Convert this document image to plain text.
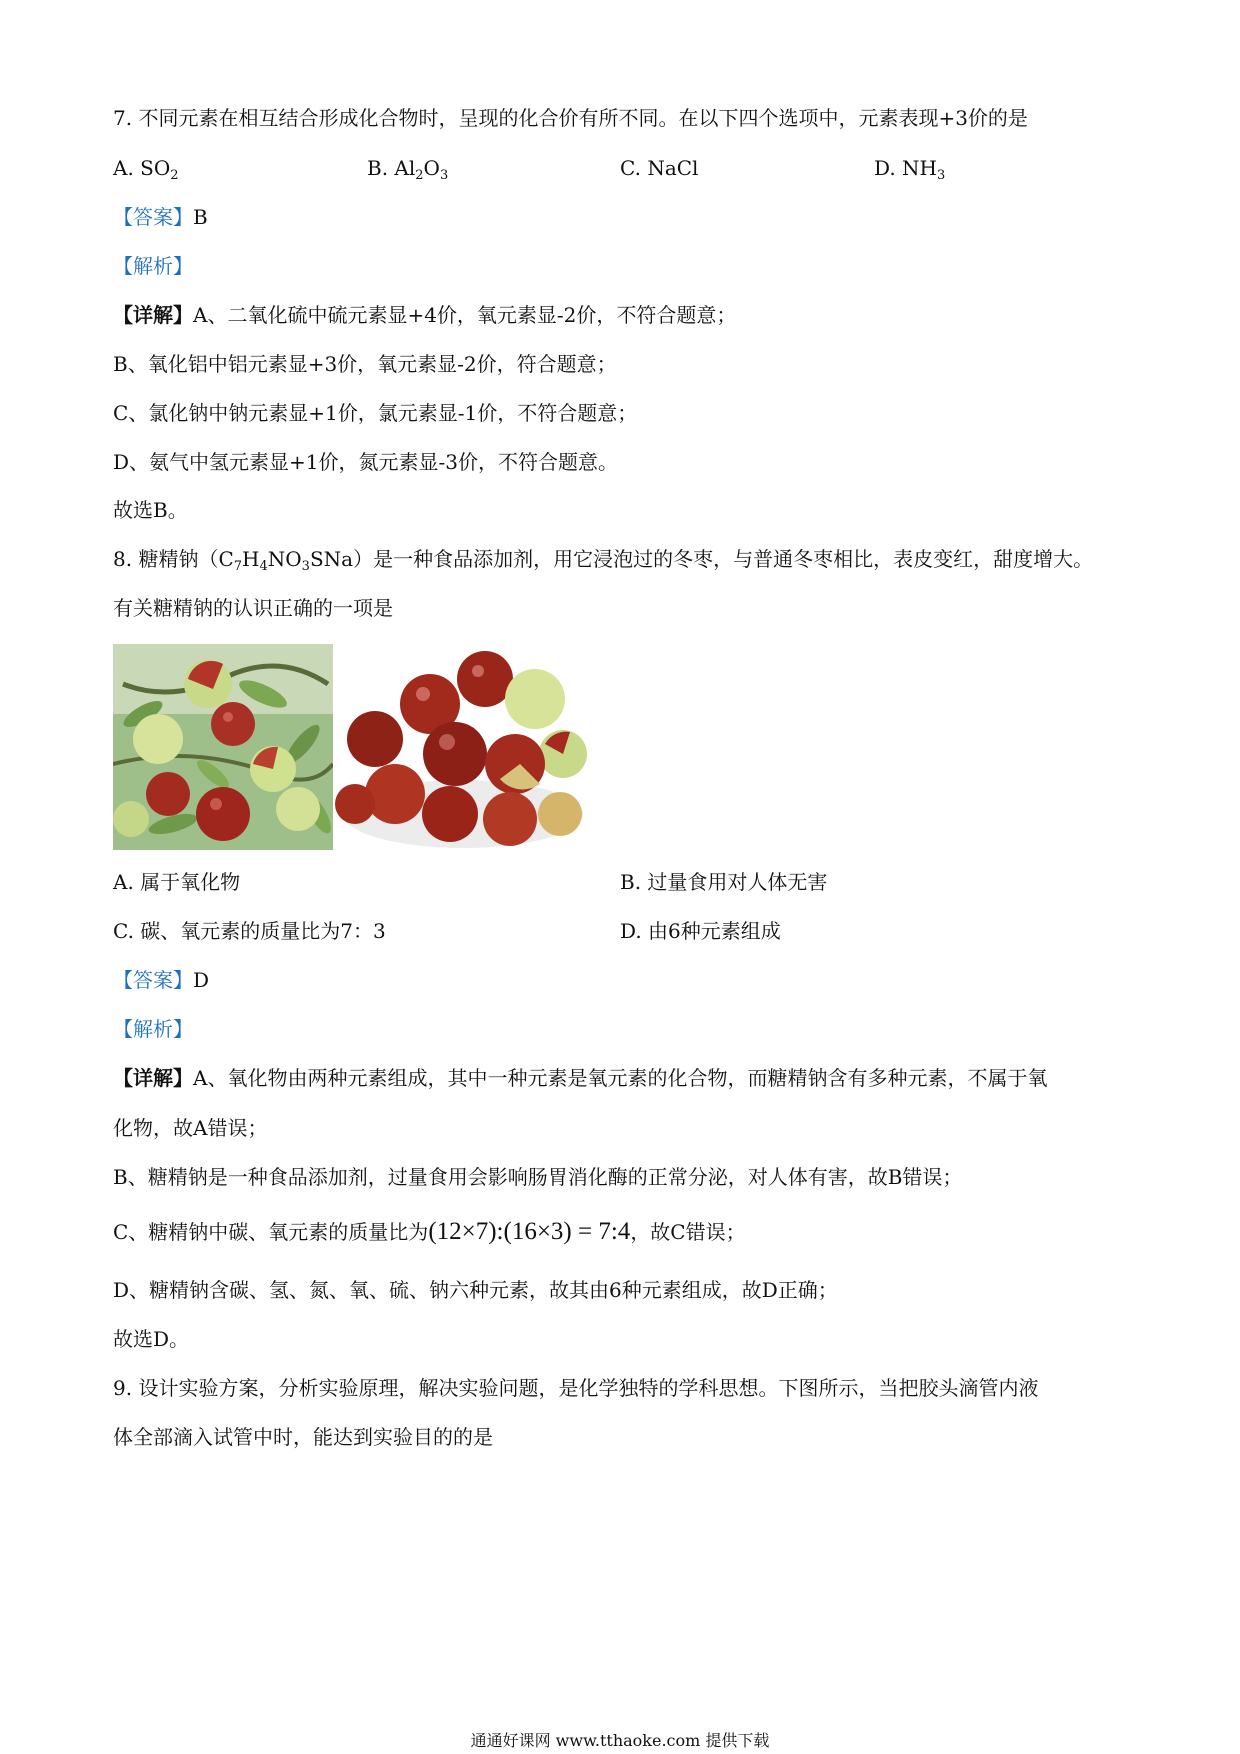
7. 不同元素在相互结合形成化合物时，呈现的化合价有所不同。在以下四个选项中，元素表现+3价的是
A. $SO_2$	B. $Al_2O_3$	C. NaCl	D. $NH_3$
【答案】B
【解析】
【详解】A、二氧化硫中硫元素显+4价，氧元素显-2价，不符合题意；
B、氧化铝中铝元素显+3价，氧元素显-2价，符合题意；
C、氯化钠中钠元素显+1价，氯元素显-1价，不符合题意；
D、氨气中氢元素显+1价，氮元素显-3价，不符合题意。
故选B。
8. 糖精钠$(C_7H_4NO_3SNa)$是一种食品添加剂，用它浸泡过的冬枣，与普通冬枣相比，表皮变红，甜度增大。
有关糖精钠的认识正确的一项是
A. 属于氧化物	B. 过量食用对人体无害
C. 碳、氧元素的质量比为7：3	D. 由6种元素组成
【答案】D
【解析】
【详解】A、氧化物由两种元素组成，其中一种元素是氧元素的化合物，而糖精钠含有多种元素，不属于氧
化物，故A错误；
B、糖精钠是一种食品添加剂，过量食用会影响肠胃消化酶的正常分泌，对人体有害，故B错误；
C、糖精钠中碳、氧元素的质量比为(12×7):(16×3) = 7:4，故C错误；
D、糖精钠含碳、氢、氮、氧、硫、钠六种元素，故其由6种元素组成，故D正确；
故选D。
9. 设计实验方案，分析实验原理，解决实验问题，是化学独特的学科思想。下图所示，当把胶头滴管内液
体全部滴入试管中时，能达到实验目的的是
通通好课网 www.tthaoke.com 提供下载
